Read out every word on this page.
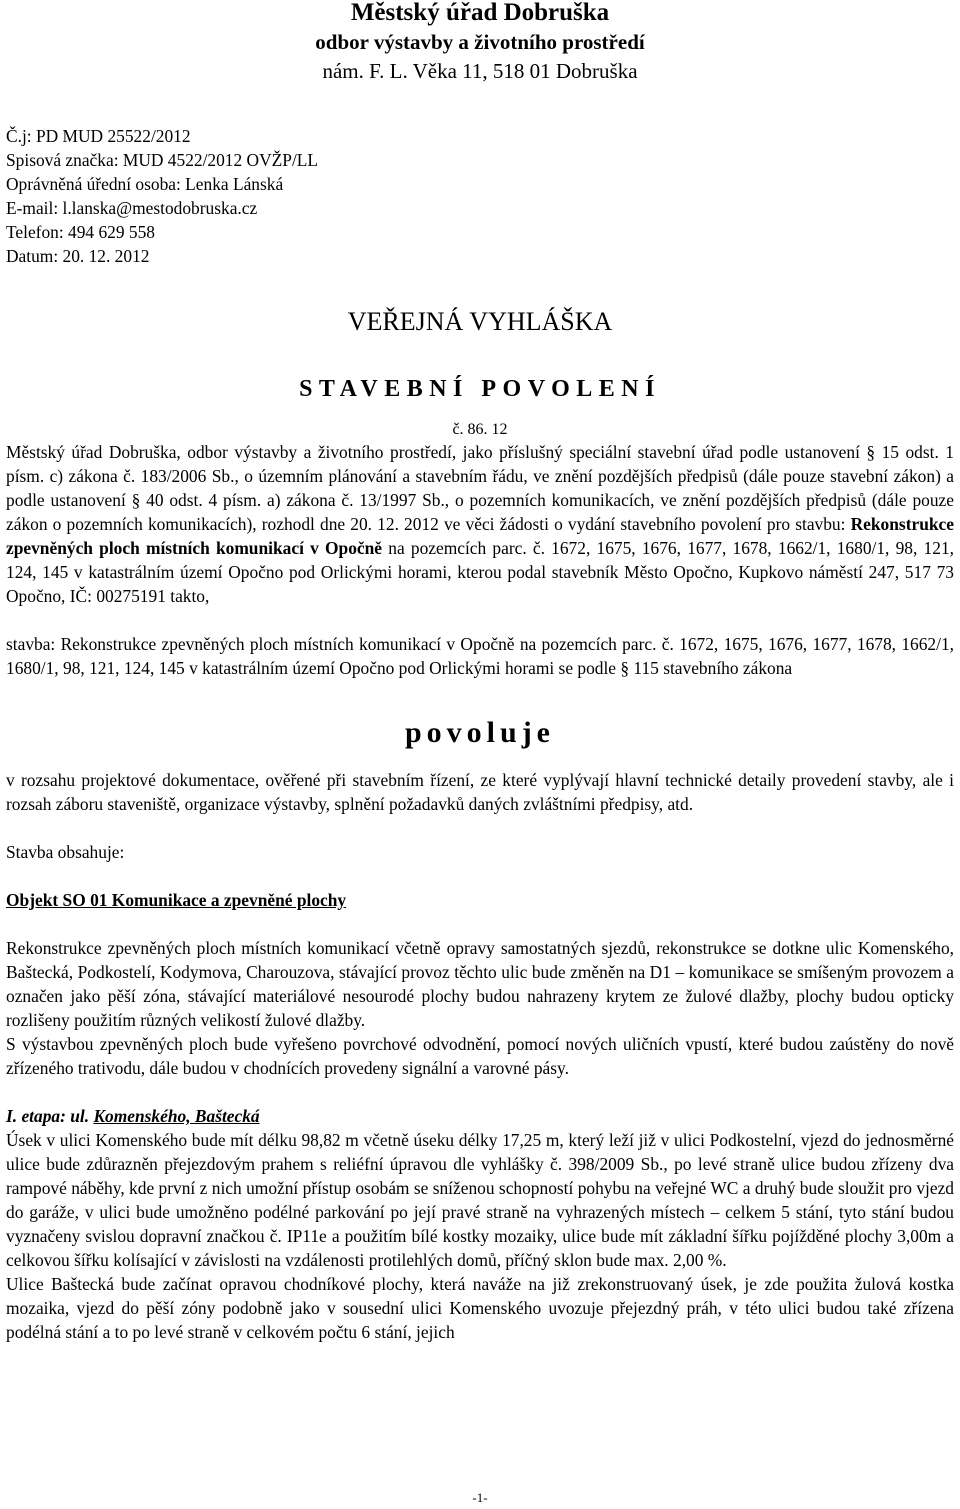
Městský úřad Dobruška
odbor výstavby a životního prostředí
nám. F. L. Věka 11, 518 01 Dobruška
Č.j: PD MUD 25522/2012
Spisová značka: MUD 4522/2012 OVŽP/LL
Oprávněná úřední osoba: Lenka Lánská
E-mail: l.lanska@mestodobruska.cz
Telefon: 494 629 558
Datum: 20. 12. 2012
VEŘEJNÁ VYHLÁŠKA
STAVEBNÍ POVOLENÍ
č. 86. 12

Městský úřad Dobruška, odbor výstavby a životního prostředí, jako příslušný speciální stavební úřad podle ustanovení § 15 odst. 1 písm. c) zákona č. 183/2006 Sb., o územním plánování a stavebním řádu, ve znění pozdějších předpisů (dále pouze stavební zákon) a podle ustanovení § 40 odst. 4 písm. a) zákona č. 13/1997 Sb., o pozemních komunikacích, ve znění pozdějších předpisů (dále pouze zákon o pozemních komunikacích), rozhodl dne 20. 12. 2012 ve věci žádosti o vydání stavebního povolení pro stavbu: Rekonstrukce zpevněných ploch místních komunikací v Opočně na pozemcích parc. č. 1672, 1675, 1676, 1677, 1678, 1662/1, 1680/1, 98, 121, 124, 145 v katastrálním území Opočno pod Orlickými horami, kterou podal stavebník Město Opočno, Kupkovo náměstí 247, 517 73 Opočno, IČ: 00275191 takto,

stavba: Rekonstrukce zpevněných ploch místních komunikací v Opočně na pozemcích parc. č. 1672, 1675, 1676, 1677, 1678, 1662/1, 1680/1, 98, 121, 124, 145 v katastrálním území Opočno pod Orlickými horami se podle § 115 stavebního zákona

povoluje

v rozsahu projektové dokumentace, ověřené při stavebním řízení, ze které vyplývají hlavní technické detaily provedení stavby, ale i rozsah záboru staveniště, organizace výstavby, splnění požadavků daných zvláštními předpisy, atd.

Stavba obsahuje:

Objekt SO 01 Komunikace a zpevněné plochy

Rekonstrukce zpevněných ploch místních komunikací včetně opravy samostatných sjezdů, rekonstrukce se dotkne ulic Komenského, Baštecká, Podkostelí, Kodymova, Charouzova, stávající provoz těchto ulic bude změněn na D1 – komunikace se smíšeným provozem a označen jako pěší zóna, stávající materiálové nesourodé plochy budou nahrazeny krytem ze žulové dlažby, plochy budou opticky rozlišeny použitím různých velikostí žulové dlažby.

S výstavbou zpevněných ploch bude vyřešeno povrchové odvodnění, pomocí nových uličních vpustí, které budou zaústěny do nově zřízeného trativodu, dále budou v chodnících provedeny signální a varovné pásy.

I. etapa: ul. Komenského, Baštecká

Úsek v ulici Komenského bude mít délku 98,82 m včetně úseku délky 17,25 m, který leží již v ulici Podkostelní, vjezd do jednosměrné ulice bude zdůrazněn přejezdovým prahem s reliéfní úpravou dle vyhlášky č. 398/2009 Sb., po levé straně ulice budou zřízeny dva rampové náběhy, kde první z nich umožní přístup osobám se sníženou schopností pohybu na veřejné WC a druhý bude sloužit pro vjezd do garáže, v ulici bude umožněno podélné parkování po její pravé straně na vyhrazených místech – celkem 5 stání, tyto stání budou vyznačeny svislou dopravní značkou č. IP11e a použitím bílé kostky mozaiky, ulice bude mít základní šířku pojížděné plochy 3,00m a celkovou šířku kolísající v závislosti na vzdálenosti protilehlých domů, příčný sklon bude max. 2,00 %.

Ulice Baštecká bude začínat opravou chodníkové plochy, která naváže na již zrekonstruovaný úsek, je zde použita žulová kostka mozaika, vjezd do pěší zóny podobně jako v sousední ulici Komenského uvozuje přejezdný práh, v této ulici budou také zřízena podélná stání a to po levé straně v celkovém počtu 6 stání, jejich

-1-
